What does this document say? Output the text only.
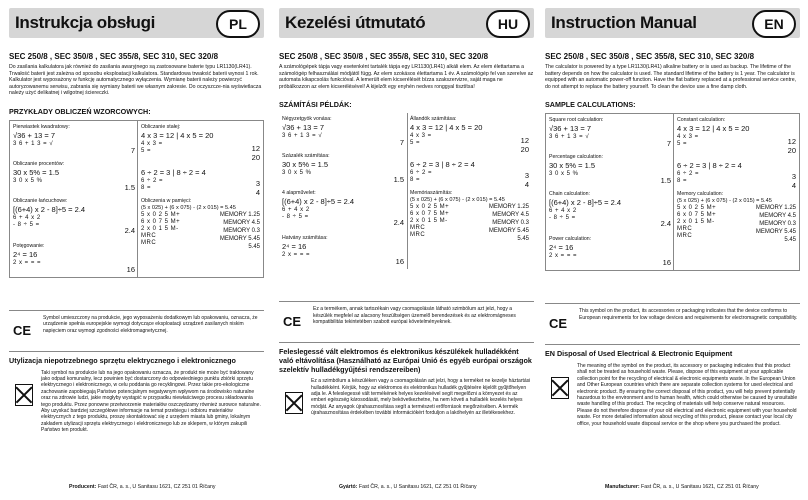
Instrukcja obsługi	PL
SEC 250/8 , SEC 350/8 , SEC 355/8, SEC 310, SEC 320/8
Do zasilania kalkulatora jak również do zasilania awaryjnego są zastosowane baterie typu LR1130(LR41). Trwałość baterii jest zależna od sposobu eksploatacji kalkulatora. Standardowa trwałość baterii wynosi 1 rok. Kalkulator jest wyposażony w funkcję automatycznego wyłączenia. Wymianę baterii należy powierzyć autoryzowanemu serwisu, zabrania się wymiany baterii we własnym zakresie. Do oczyszcze-nia wyświetlacza należy użyć delikatnej i wilgotnej ściereczki.
PRZYKŁADY OBLICZEŃ WZORCOWYCH:
Pierwiastek kwadratowy:
√36 + 13 = 7
3 6 + 1 3 = √
7
Obliczanie procentów:
30 x 5% = 1.5
3 0 x 5 %
1.5
Obliczanie łańcuchowe:
[(6+4) x 2 - 8]÷5 = 2.4
6 + 4 x 2
- 8 ÷ 5 =
2.4
Potęgowanie:
2⁴ = 16
2 x = = =
16
Obliczanie stałej:
4 x 3 = 12 | 4 x 5 = 20
4 x 3 =
5 =	12
20
6 ÷ 2 = 3 | 8 ÷ 2 = 4
6 ÷ 2 =
8 =	3
4
Obliczenia w pamięci:
(5 x 025) + (6 x 075) - (2 x 015) = 5.45
5 x 0 2 5 M+
6 x 0 7 5 M+
2 x 0 1 5 M-
MRC
MRC
MEMORY 1.25
MEMORY 4.5
MEMORY 0.3
MEMORY 5.45
5.45
CE
Symbol umieszczony na produkcie, jego wyposażeniu dodatkowym lub opakowaniu, oznacza, że urządzenie spełnia europejskie wymogi dotyczące eksploatacji urządzeń zasilanych niskim napięciem oraz wymogi zgodności elektromagnetycznej.
Utylizacja niepotrzebnego sprzętu elektrycznego i elektronicznego
Taki symbol na produkcie lub na jego opakowaniu oznacza, że produkt nie może być traktowany jako odpad komunalny, lecz powinien być dostarczony do odpowiedniego punktu zbiórki sprzętu elektrycznego i elektronicznego, w celu poddania go recyklingowi. Przez takie pro-ekologiczne zachowanie zapobiegają Państwo potencjalnym negatywnym wpływom na środowisko naturalne oraz na zdrowie ludzi, jakie mogłyby wystąpić w przypadku niewłaściwego procesu składowania tego produktu. Przez ponowne przetworzenie materiałów oszczędzamy również surowce naturalne. Aby uzyskać bardziej szczegółowe informacje na temat przebiegu i odbioru materiałów elektrycznych z tego produktu, proszę skontaktować się z urzędem miasta lub gminy, lokalnym zakładem utylizacji sprzętu elektrycznego i elektronicznego lub ze sklepem, w którym zakupili Państwo ten produkt.
Producent: Fast ČR, a. s., U Sanitasu 1621, CZ 251 01 Říčany
Kezelési útmutató	HU
SEC 250/8 , SEC 350/8 , SEC 355/8, SEC 310, SEC 320/8
A számológépek tápja vagy esetenként tartalék tápja egy LR1130(LR41) alkáli elem. Az elem élettartama a számológép felhasználási módjától függ. Az elem szokásos élettartama 1 év. A számológép fel van szerelve az automata kikapcsolás funkcióval. A lemerült elem kicserélését bízza szakszervizre, saját maga ne próbálkozzon az elem kicserélésével! A kijelzőt egy enyhén nedves ronggyal tisztítsa!
SZÁMÍTÁSI PÉLDÁK:
Négyzetgyök vonása:
√36 + 13 = 7
3 6 + 1 3 = √
7
Százalék számítása:
30 x 5% = 1.5
3 0 x 5 %
1.5
4 alapművelet:
[(6+4) x 2 - 8]÷5 = 2.4
6 + 4 x 2
- 8 ÷ 5 =
2.4
Hatvány számítása:
2⁴ = 16
2 x = = =
16
Állandók számítása:
4 x 3 = 12 | 4 x 5 = 20
4 x 3 =
5 =	12
20
6 ÷ 2 = 3 | 8 ÷ 2 = 4
6 ÷ 2 =
8 =	3
4
Memóriaszámítás:
(5 x 025) + (6 x 075) - (2 x 015) = 5.45
5 x 0 2 5 M+
6 x 0 7 5 M+
2 x 0 1 5 M-
MRC
MRC
MEMORY 1.25
MEMORY 4.5
MEMORY 0.3
MEMORY 5.45
5.45
CE
Ez a termékem, annak tartozékain vagy csomagolásán látható szimbólum azt jelzi, hogy a készülék megfelel az alacsony feszültségen üzemelő berendezések és az elektromágneses kompatibilitás tekintetében szabott európai követelményeknek.
Feleslegessé vált elektromos és elektronikus készülékek hulladékként való eltávolítása (Használható az Európai Unió és egyéb európai országok szelektív hulladékgyűjtési rendszereiben)
Ez a szimbólum a készüléken vagy a csomagolásán azt jelzi, hogy a terméket ne kezelje háztartási hulladékként. Kérjük, hogy az elektromos és elektronikus hulladék gyűjtésére kijelölt gyűjtőhelyen adja le. A feleslegessé vált termékének helyes kezelésével segít megelőzni a környezet és az emberi egészség károsodását, mely bekövetkezhetne, ha nem követi a hulladék kezelés helyes módját. Az anyagok újrahasznosítása segít a természeti erőforrások megőrzésében. A termék újrahasznosítása érdekében további információkért forduljon a lakóhelyén az illetékesekhez.
Gyártó: Fast ČR, a. s., U Sanitasu 1621, CZ 251 01 Říčany
Instruction Manual	EN
SEC 250/8 , SEC 350/8 , SEC 355/8, SEC 310, SEC 320/8
The calculator is powered by a type LR1130(LR41) alkaline battery or is used as backup. The lifetime of the battery depends on how the calculator is used. The standard lifetime of the battery is 1 year. The calculator is equipped with an automatic power-off function. Have the flat battery replaced at a professional service centre, do not attempt to replace the battery yourself. To clean the device use a fine damp cloth.
SAMPLE CALCULATIONS:
Square root calculation:
√36 + 13 = 7
3 6 + 1 3 = √
7
Percentage calculation:
30 x 5% = 1.5
3 0 x 5 %
1.5
Chain calculation:
[(6+4) x 2 - 8]÷5 = 2.4
6 + 4 x 2
- 8 ÷ 5 =
2.4
Power calculation:
2⁴ = 16
2 x = = =
16
Constant calculation:
4 x 3 = 12 | 4 x 5 = 20
4 x 3 =
5 =	12
20
6 ÷ 2 = 3 | 8 ÷ 2 = 4
6 ÷ 2 =
8 =	3
4
Memory calculation:
(5 x 025) + (6 x 075) - (2 x 015) = 5.45
5 x 0 2 5 M+
6 x 0 7 5 M+
2 x 0 1 5 M-
MRC
MRC
MEMORY 1.25
MEMORY 4.5
MEMORY 0.3
MEMORY 5.45
5.45
CE
This symbol on the product, its accessories or packaging indicates that the device conforms to European requirements for low voltage devices and requirements for electromagnetic compatibility.
EN Disposal of Used Electrical & Electronic Equipment
The meaning of the symbol on the product, its accessory or packaging indicates that this product shall not be treated as household waste. Please, dispose of this equipment at your applicable collection point for the recycling of electrical & electronic equipments waste. In the European Union and Other European countries which there are separate collection systems for used electrical and electronic product. By ensuring the correct disposal of this product, you will help prevent potentially hazardous to the environment and to human health, which could otherwise be caused by unsuitable waste handling of this product. The recycling of materials will help conserve natural resources. Please do not therefore dispose of your old electrical and electronic equipment with your household waste. For more detailed information about recycling of this product, please contact your local city office, your household waste disposal service or the shop where you purchased the product.
Manufacturer: Fast ČR, a. s., U Sanitasu 1621, CZ 251 01 Říčany
